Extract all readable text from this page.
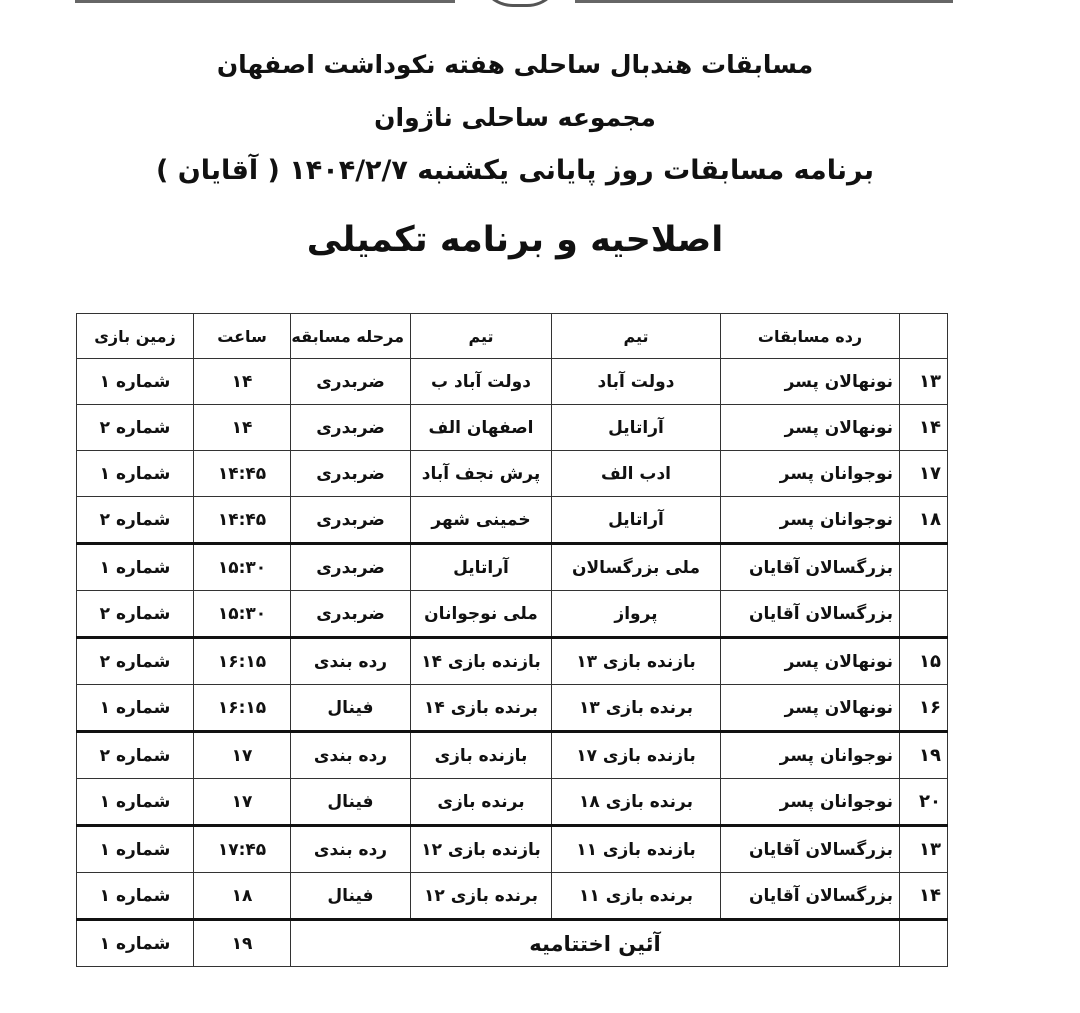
مسابقات هندبال ساحلی هفته نکوداشت اصفهان
مجموعه ساحلی ناژوان
برنامه مسابقات روز پایانی یکشنبه ۱۴۰۴/۲/۷ ( آقایان )
اصلاحیه و برنامه تکمیلی
	رده مسابقات	تیم	تیم	مرحله مسابقه	ساعت	زمین بازی
۱۳	نونهالان پسر	دولت آباد	دولت آباد ب	ضربدری	۱۴	شماره ۱
۱۴	نونهالان پسر	آراتایل	اصفهان الف	ضربدری	۱۴	شماره ۲
۱۷	نوجوانان پسر	ادب الف	پرش نجف آباد	ضربدری	۱۴:۴۵	شماره ۱
۱۸	نوجوانان پسر	آراتایل	خمینی شهر	ضربدری	۱۴:۴۵	شماره ۲
	بزرگسالان آقایان	ملی بزرگسالان	آراتایل	ضربدری	۱۵:۳۰	شماره ۱
	بزرگسالان آقایان	پرواز	ملی نوجوانان	ضربدری	۱۵:۳۰	شماره ۲
۱۵	نونهالان پسر	بازنده بازی ۱۳	بازنده بازی ۱۴	رده بندی	۱۶:۱۵	شماره ۲
۱۶	نونهالان پسر	برنده بازی ۱۳	برنده بازی ۱۴	فینال	۱۶:۱۵	شماره ۱
۱۹	نوجوانان پسر	بازنده بازی ۱۷	بازنده بازی	رده بندی	۱۷	شماره ۲
۲۰	نوجوانان پسر	برنده بازی ۱۸	برنده بازی	فینال	۱۷	شماره ۱
۱۳	بزرگسالان آقایان	بازنده بازی ۱۱	بازنده بازی ۱۲	رده بندی	۱۷:۴۵	شماره ۱
۱۴	بزرگسالان آقایان	برنده بازی ۱۱	برنده بازی ۱۲	فینال	۱۸	شماره ۱
	آئین اختتامیه				۱۹	شماره ۱
